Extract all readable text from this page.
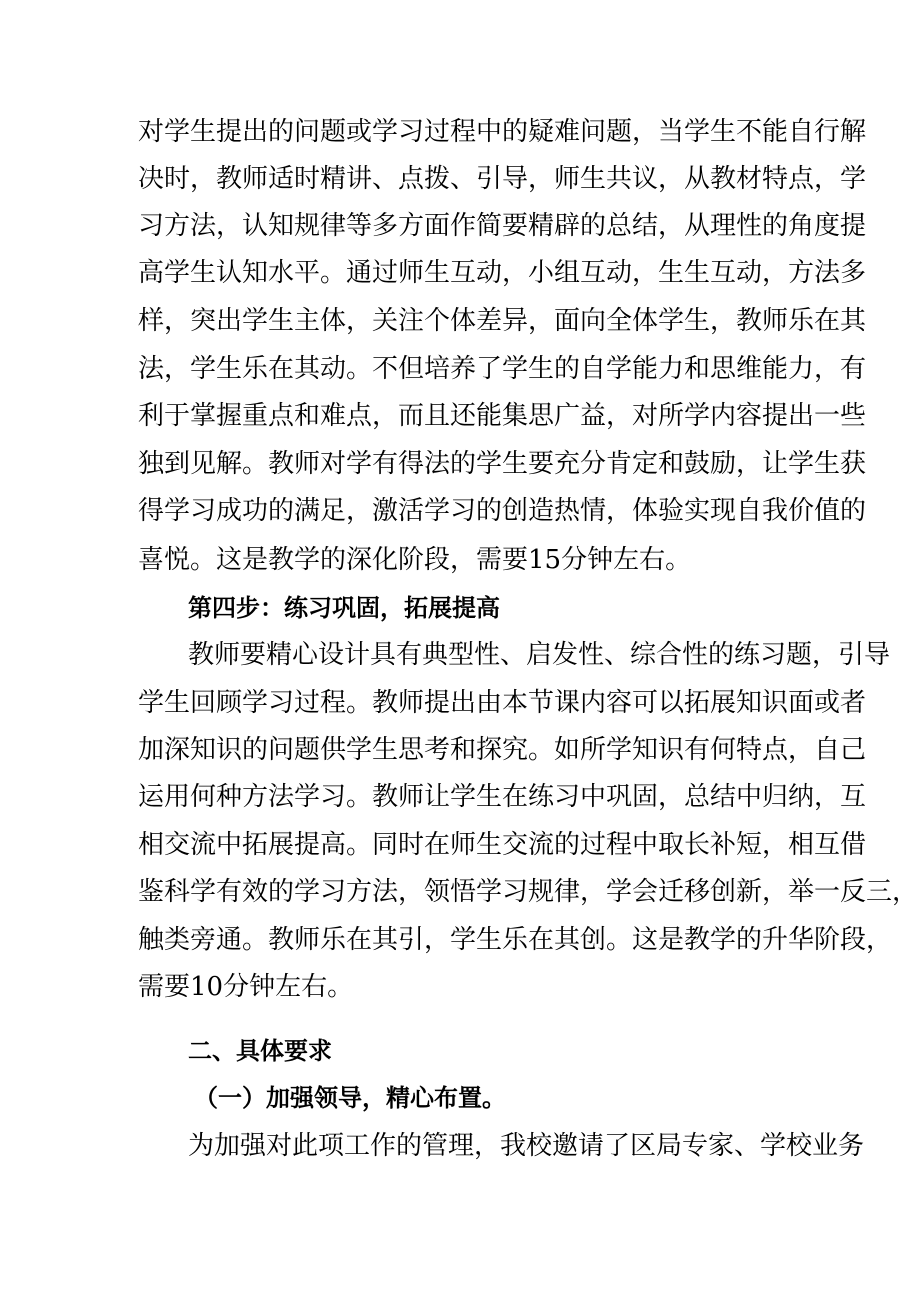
对学生提出的问题或学习过程中的疑难问题，当学生不能自行解
决时，教师适时精讲、点拨、引导，师生共议，从教材特点，学
习方法，认知规律等多方面作简要精辟的总结，从理性的角度提
高学生认知水平。通过师生互动，小组互动，生生互动，方法多
样，突出学生主体，关注个体差异，面向全体学生，教师乐在其
法，学生乐在其动。不但培养了学生的自学能力和思维能力，有
利于掌握重点和难点，而且还能集思广益，对所学内容提出一些
独到见解。教师对学有得法的学生要充分肯定和鼓励，让学生获
得学习成功的满足，激活学习的创造热情，体验实现自我价值的
喜悦。这是教学的深化阶段，需要15分钟左右。
第四步：练习巩固，拓展提高
教师要精心设计具有典型性、启发性、综合性的练习题，引导
学生回顾学习过程。教师提出由本节课内容可以拓展知识面或者
加深知识的问题供学生思考和探究。如所学知识有何特点，自己
运用何种方法学习。教师让学生在练习中巩固，总结中归纳，互
相交流中拓展提高。同时在师生交流的过程中取长补短，相互借
鉴科学有效的学习方法，领悟学习规律，学会迁移创新，举一反三，
触类旁通。教师乐在其引，学生乐在其创。这是教学的升华阶段，
需要10分钟左右。
二、具体要求
（一）加强领导，精心布置。
为加强对此项工作的管理，我校邀请了区局专家、学校业务
